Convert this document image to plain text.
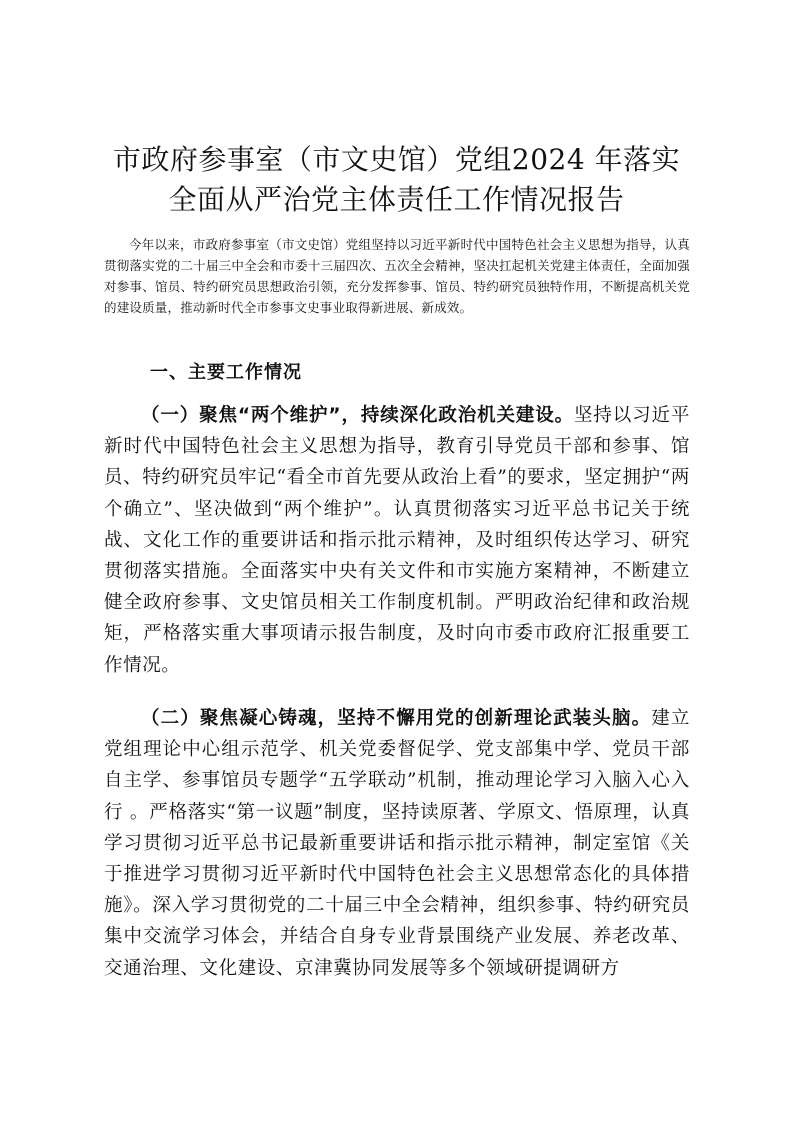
市政府参事室（市文史馆）党组2024 年落实
全面从严治党主体责任工作情况报告

今年以来，市政府参事室（市文史馆）党组坚持以习近平新时代中国特色社会主义思想为指导，认真贯彻落实党的二十届三中全会和市委十三届四次、五次全会精神，坚决扛起机关党建主体责任，全面加强对参事、馆员、特约研究员思想政治引领，充分发挥参事、馆员、特约研究员独特作用，不断提高机关党的建设质量，推动新时代全市参事文史事业取得新进展、新成效。

一、主要工作情况

（一）聚焦“两个维护”，持续深化政治机关建设。坚持以习近平新时代中国特色社会主义思想为指导，教育引导党员干部和参事、馆员、特约研究员牢记“看全市首先要从政治上看”的要求，坚定拥护“两个确立”、坚决做到“两个维护”。认真贯彻落实习近平总书记关于统战、文化工作的重要讲话和指示批示精神，及时组织传达学习、研究贯彻落实措施。全面落实中央有关文件和市实施方案精神，不断建立健全政府参事、文史馆员相关工作制度机制。严明政治纪律和政治规矩，严格落实重大事项请示报告制度，及时向市委市政府汇报重要工作情况。

（二）聚焦凝心铸魂，坚持不懈用党的创新理论武装头脑。建立党组理论中心组示范学、机关党委督促学、党支部集中学、党员干部自主学、参事馆员专题学“五学联动”机制，推动理论学习入脑入心入行 。严格落实“第一议题”制度，坚持读原著、学原文、悟原理，认真学习贯彻习近平总书记最新重要讲话和指示批示精神，制定室馆《关于推进学习贯彻习近平新时代中国特色社会主义思想常态化的具体措施》。深入学习贯彻党的二十届三中全会精神，组织参事、特约研究员集中交流学习体会，并结合自身专业背景围绕产业发展、养老改革、交通治理、文化建设、京津冀协同发展等多个领域研提调研方
